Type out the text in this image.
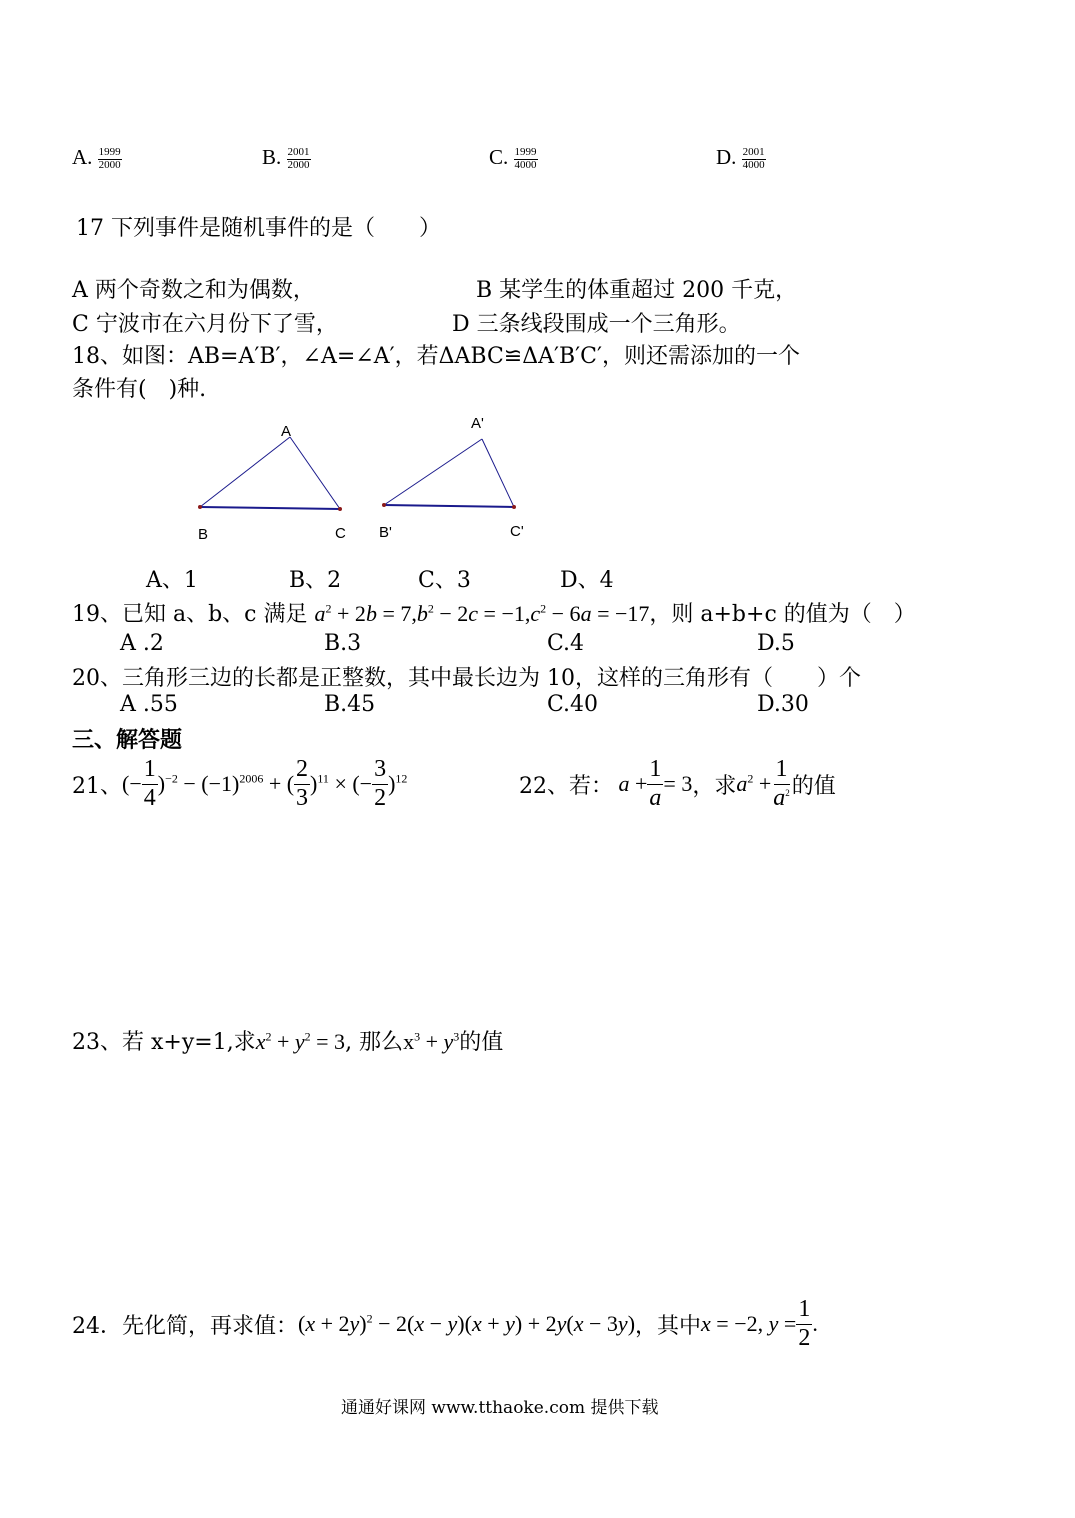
A. $\frac{1999}{2000}$	B. $\frac{2001}{2000}$	C. $\frac{1999}{4000}$	D. $\frac{2001}{4000}$
17 下列事件是随机事件的是（　　）
A 两个奇数之和为偶数，	B 某学生的体重超过 200 千克，
C 宁波市在六月份下了雪，	D 三条线段围成一个三角形。
18、如图：AB=A′B′，∠A=∠A′，若ΔABC≌ΔA′B′C′，则还需添加的一个
条件有(　)种.
A
B	C
A'
B'	C'
A、1	B、2	C、3	D、4
19、已知 a、b、c 满足 $a^2 + 2b = 7,b^2 - 2c = -1,c^2 - 6a = -17$，则 a+b+c 的值为（　）
A .2	B.3	C.4	D.5
20、三角形三边的长都是正整数，其中最长边为 10，这样的三角形有（　　）个
A .55	B.45	C.40	D.30
三、解答题
21、 (− $\frac{1}{4} )^{-2} - (-1)^{2006}$ + ( $\frac{2}{3} )^{11}$ × (− $\frac{3}{2} )^{12}$	22、若： $a + \frac{1}{a} = 3$ ，求 $a^2 + \frac{1}{a^2}$ 的值
23、若 x+y=1,求$x^2 + y^2 = 3$, 那么$x^3 + y^3$的值
24．先化简，再求值： $(x + 2y)^2 - 2(x - y)(x + y) + 2y(x - 3y)$ ，其中 x = −2, $y = \frac{1}{2}$ .
通通好课网 www.tthaoke.com 提供下载
